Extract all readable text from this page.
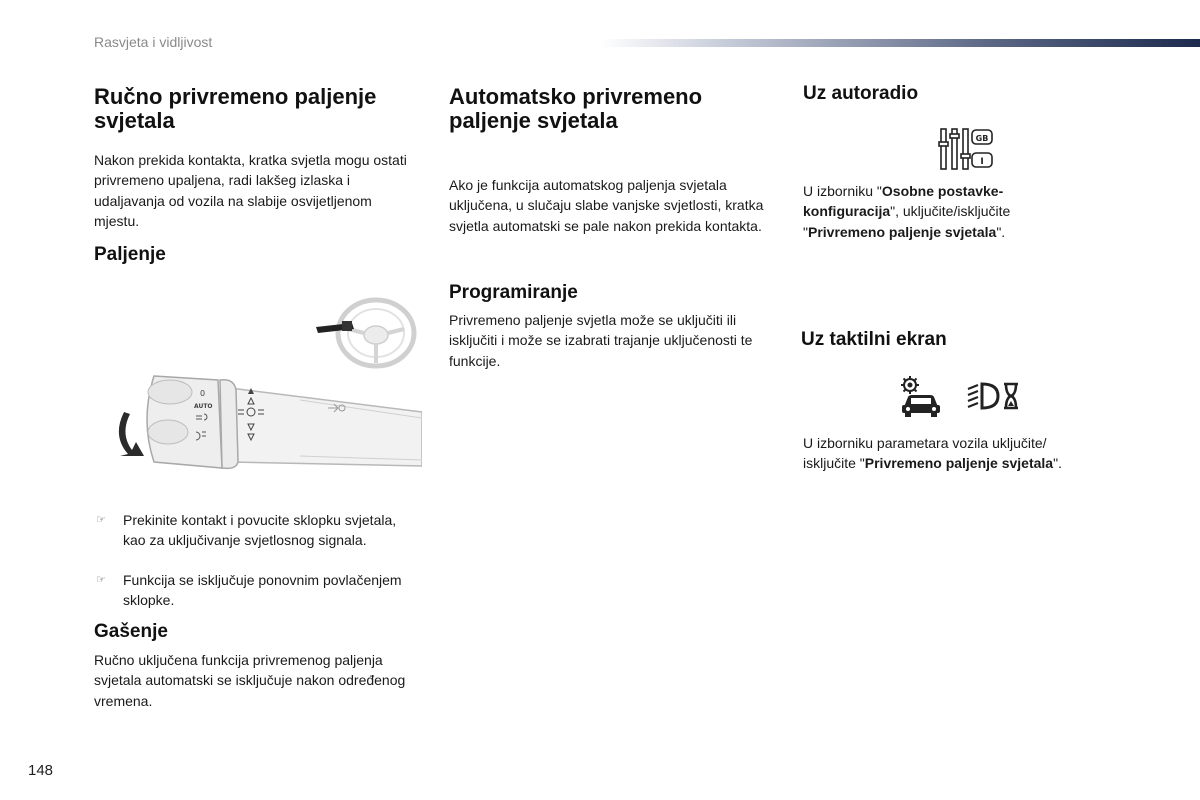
Rasvjeta i vidljivost
Ručno privremeno paljenje svjetala

Nakon prekida kontakta, kratka svjetla mogu ostati privremeno upaljena, radi lakšeg izlaska i udaljavanja od vozila na slabije osvijetljenom mjestu.

Paljenje
0
AUTO
☞ Prekinite kontakt i povucite sklopku svjetala, kao za uključivanje svjetlosnog signala.
☞ Funkcija se isključuje ponovnim povlačenjem sklopke.
Gašenje

Ručno uključena funkcija privremenog paljenja svjetala automatski se isključuje nakon određenog vremena.

Automatsko privremeno paljenje svjetala

Ako je funkcija automatskog paljenja svjetala uključena, u slučaju slabe vanjske svjetlosti, kratka svjetla automatski se pale nakon prekida kontakta.

Programiranje

Privremeno paljenje svjetla može se uključiti ili isključiti i može se izabrati trajanje uključenosti te funkcije.

Uz autoradio
GB
I

U izborniku "Osobne postavke-konfiguracija", uključite/isključite "Privremeno paljenje svjetala".

Uz taktilni ekran

U izborniku parametara vozila uključite/ isključite "Privremeno paljenje svjetala".

148
